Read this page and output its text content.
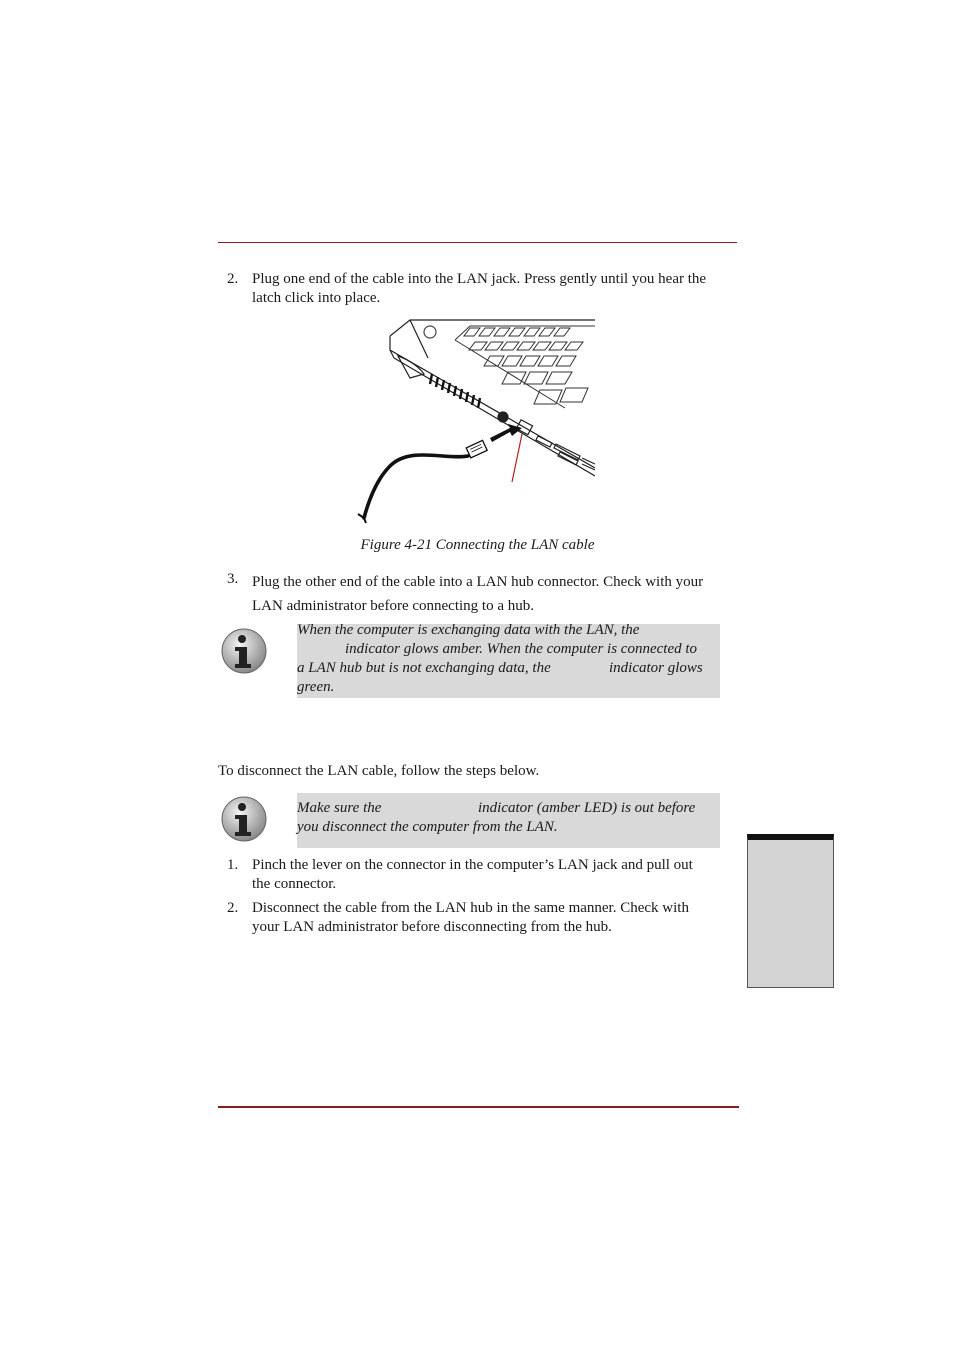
2. Plug one end of the cable into the LAN jack. Press gently until you hear the
latch click into place.
Figure 4-21 Connecting the LAN cable
3. Plug the other end of the cable into a LAN hub connector. Check with your
LAN administrator before connecting to a hub.
When the computer is exchanging data with the LAN, the
indicator glows amber. When the computer is connected to
a LAN hub but is not exchanging data, the	indicator glows
green.

To disconnect the LAN cable, follow the steps below.

Make sure the	indicator (amber LED) is out before
you disconnect the computer from the LAN.
1. Pinch the lever on the connector in the computer’s LAN jack and pull out
the connector.
2. Disconnect the cable from the LAN hub in the same manner. Check with
your LAN administrator before disconnecting from the hub.
